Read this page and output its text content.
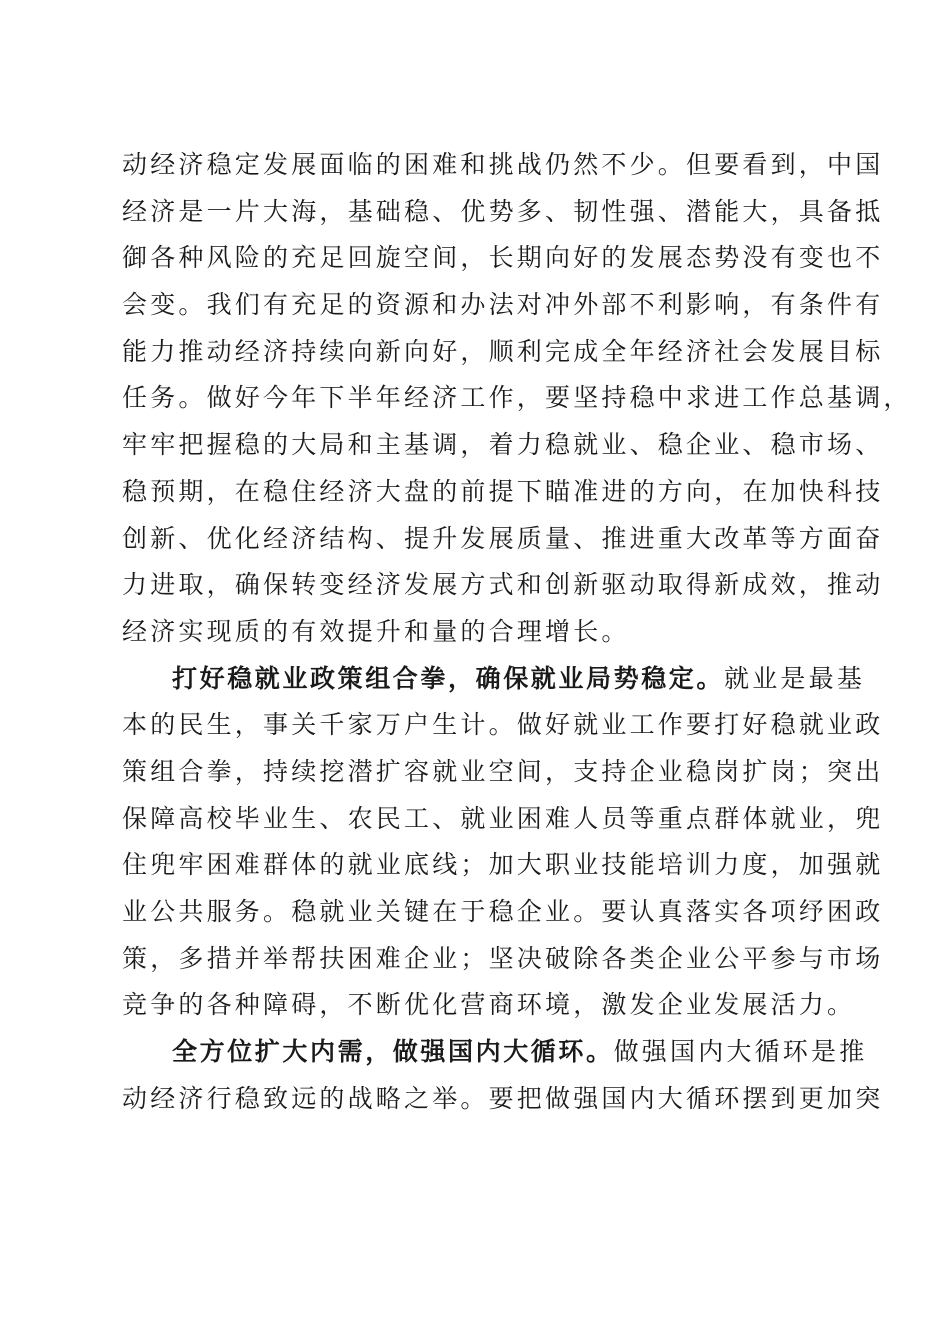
动经济稳定发展面临的困难和挑战仍然不少。但要看到，中国
经济是一片大海，基础稳、优势多、韧性强、潜能大，具备抵
御各种风险的充足回旋空间，长期向好的发展态势没有变也不
会变。我们有充足的资源和办法对冲外部不利影响，有条件有
能力推动经济持续向新向好，顺利完成全年经济社会发展目标
任务。做好今年下半年经济工作，要坚持稳中求进工作总基调，
牢牢把握稳的大局和主基调，着力稳就业、稳企业、稳市场、
稳预期，在稳住经济大盘的前提下瞄准进的方向，在加快科技
创新、优化经济结构、提升发展质量、推进重大改革等方面奋
力进取，确保转变经济发展方式和创新驱动取得新成效，推动
经济实现质的有效提升和量的合理增长。
打好稳就业政策组合拳，确保就业局势稳定。就业是最基
本的民生，事关千家万户生计。做好就业工作要打好稳就业政
策组合拳，持续挖潜扩容就业空间，支持企业稳岗扩岗；突出
保障高校毕业生、农民工、就业困难人员等重点群体就业，兜
住兜牢困难群体的就业底线；加大职业技能培训力度，加强就
业公共服务。稳就业关键在于稳企业。要认真落实各项纾困政
策，多措并举帮扶困难企业；坚决破除各类企业公平参与市场
竞争的各种障碍，不断优化营商环境，激发企业发展活力。
全方位扩大内需，做强国内大循环。做强国内大循环是推
动经济行稳致远的战略之举。要把做强国内大循环摆到更加突
